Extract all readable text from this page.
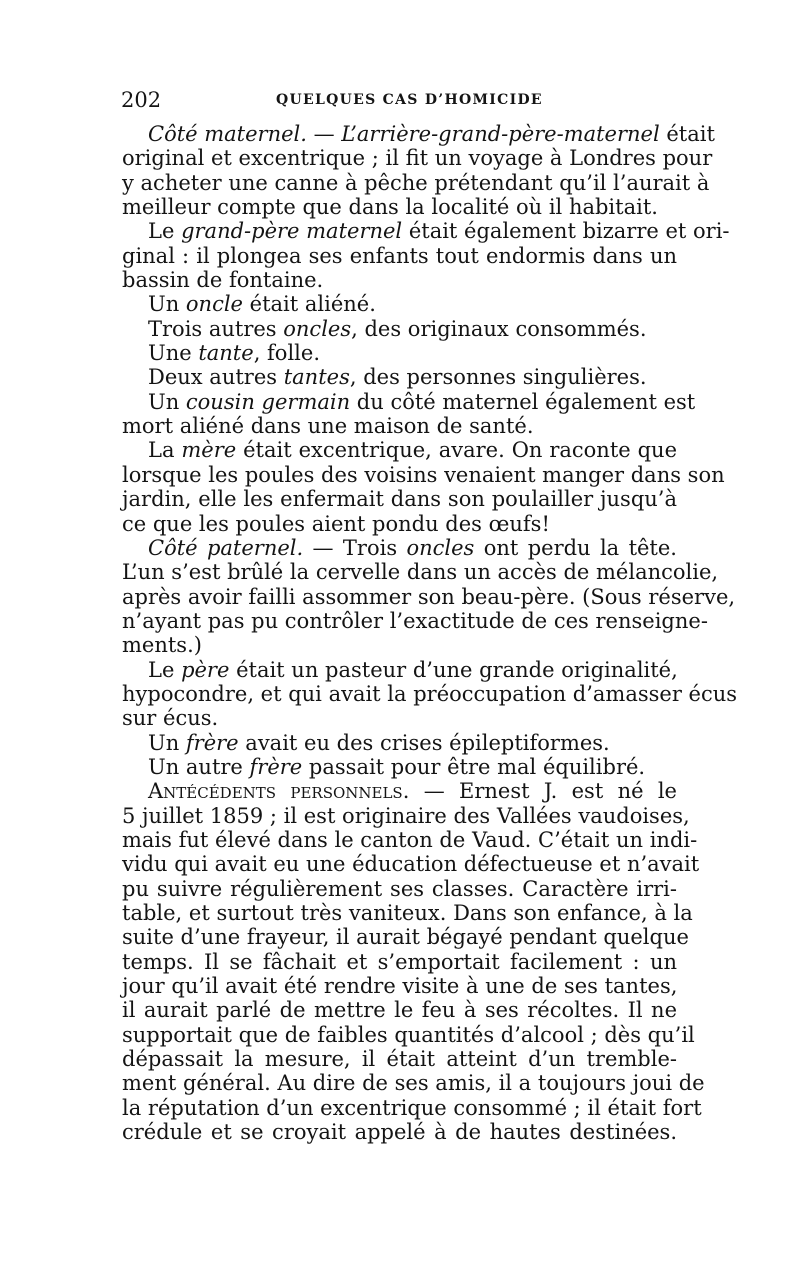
202	QUELQUES CAS D’HOMICIDE
Côté maternel. — L’arrière-grand-père-maternel était
original et excentrique ; il fit un voyage à Londres pour
y acheter une canne à pêche prétendant qu’il l’aurait à
meilleur compte que dans la localité où il habitait.
Le grand-père maternel était également bizarre et ori-
ginal : il plongea ses enfants tout endormis dans un
bassin de fontaine.
Un oncle était aliéné.
Trois autres oncles, des originaux consommés.
Une tante, folle.
Deux autres tantes, des personnes singulières.
Un cousin germain du côté maternel également est
mort aliéné dans une maison de santé.
La mère était excentrique, avare. On raconte que
lorsque les poules des voisins venaient manger dans son
jardin, elle les enfermait dans son poulailler jusqu’à
ce que les poules aient pondu des œufs!
Côté paternel. — Trois oncles ont perdu la tête.
L’un s’est brûlé la cervelle dans un accès de mélancolie,
après avoir failli assommer son beau-père. (Sous réserve,
n’ayant pas pu contrôler l’exactitude de ces renseigne-
ments.)
Le père était un pasteur d’une grande originalité,
hypocondre, et qui avait la préoccupation d’amasser écus
sur écus.
Un frère avait eu des crises épileptiformes.
Un autre frère passait pour être mal équilibré.
Antécédents personnels. — Ernest J. est né le
5 juillet 1859 ; il est originaire des Vallées vaudoises,
mais fut élevé dans le canton de Vaud. C’était un indi-
vidu qui avait eu une éducation défectueuse et n’avait
pu suivre régulièrement ses classes. Caractère irri-
table, et surtout très vaniteux. Dans son enfance, à la
suite d’une frayeur, il aurait bégayé pendant quelque
temps. Il se fâchait et s’emportait facilement : un
jour qu’il avait été rendre visite à une de ses tantes,
il aurait parlé de mettre le feu à ses récoltes. Il ne
supportait que de faibles quantités d’alcool ; dès qu’il
dépassait la mesure, il était atteint d’un tremble-
ment général. Au dire de ses amis, il a toujours joui de
la réputation d’un excentrique consommé ; il était fort
crédule et se croyait appelé à de hautes destinées.
